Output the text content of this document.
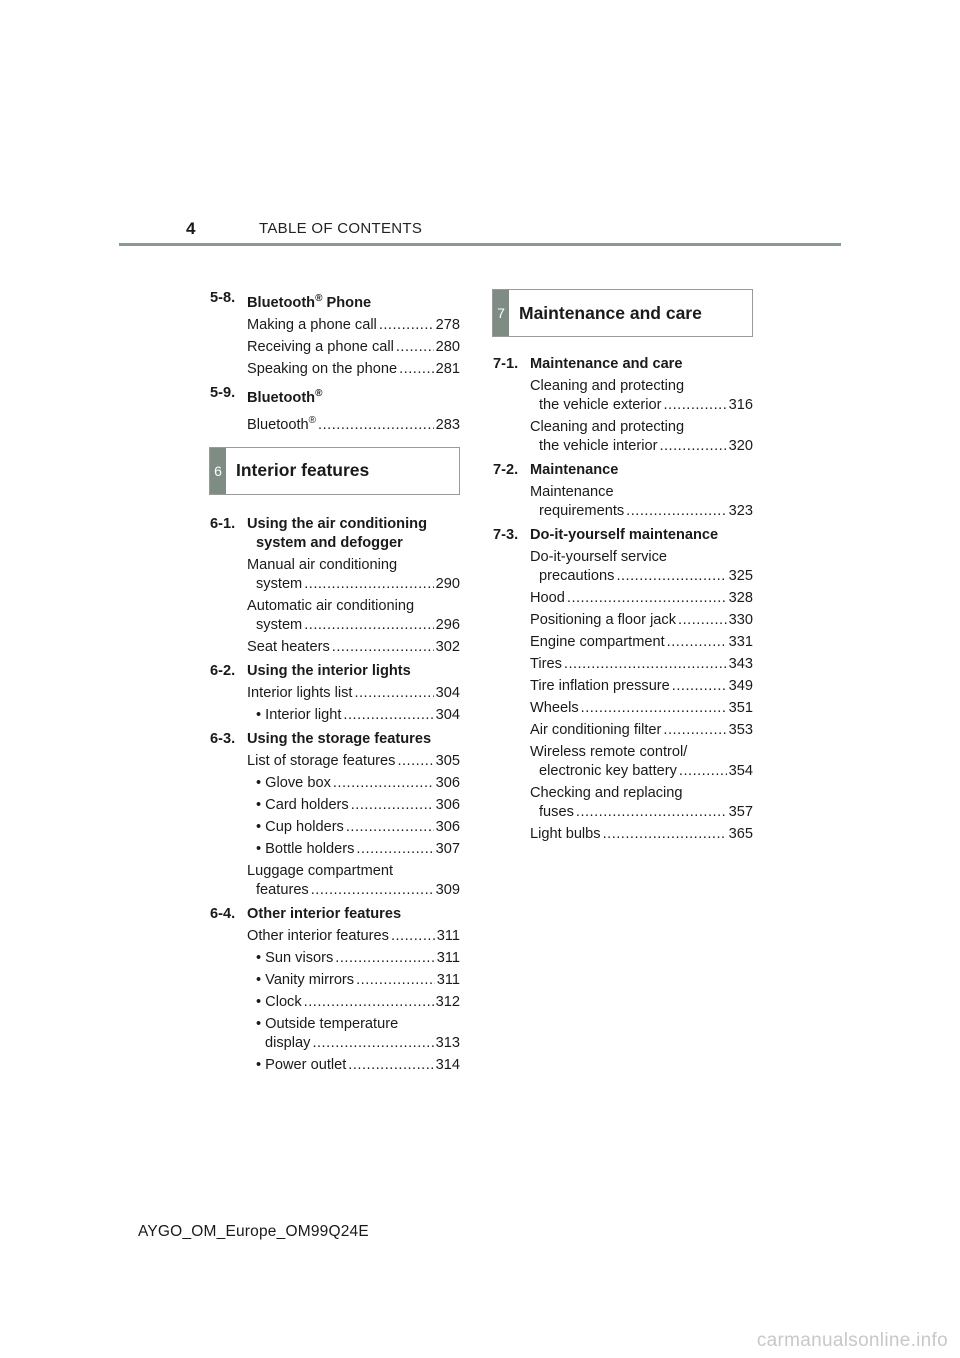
4	TABLE OF CONTENTS
5-8. Bluetooth® Phone
Making a phone call .....	278
Receiving a phone call .....	280
Speaking on the phone .....	281
5-9. Bluetooth®
Bluetooth® .....	283
6 Interior features
6-1. Using the air conditioning
system and defogger
Manual air conditioning
system .....	290
Automatic air conditioning
system .....	296
Seat heaters .....	302
6-2. Using the interior lights
Interior lights list .....	304
• Interior light .....	304
6-3. Using the storage features
List of storage features .....	305
• Glove box .....	306
• Card holders .....	306
• Cup holders .....	306
• Bottle holders .....	307
Luggage compartment
features .....	309
6-4. Other interior features
Other interior features .....	311
• Sun visors .....	311
• Vanity mirrors .....	311
• Clock .....	312
• Outside temperature
display .....	313
• Power outlet .....	314
7 Maintenance and care
7-1. Maintenance and care
Cleaning and protecting
the vehicle exterior .....	316
Cleaning and protecting
the vehicle interior .....	320
7-2. Maintenance
Maintenance
requirements .....	323
7-3. Do-it-yourself maintenance
Do-it-yourself service
precautions .....	325
Hood .....	328
Positioning a floor jack .....	330
Engine compartment .....	331
Tires .....	343
Tire inflation pressure .....	349
Wheels .....	351
Air conditioning filter .....	353
Wireless remote control/
electronic key battery .....	354
Checking and replacing
fuses .....	357
Light bulbs .....	365
AYGO_OM_Europe_OM99Q24E
carmanualsonline.info
